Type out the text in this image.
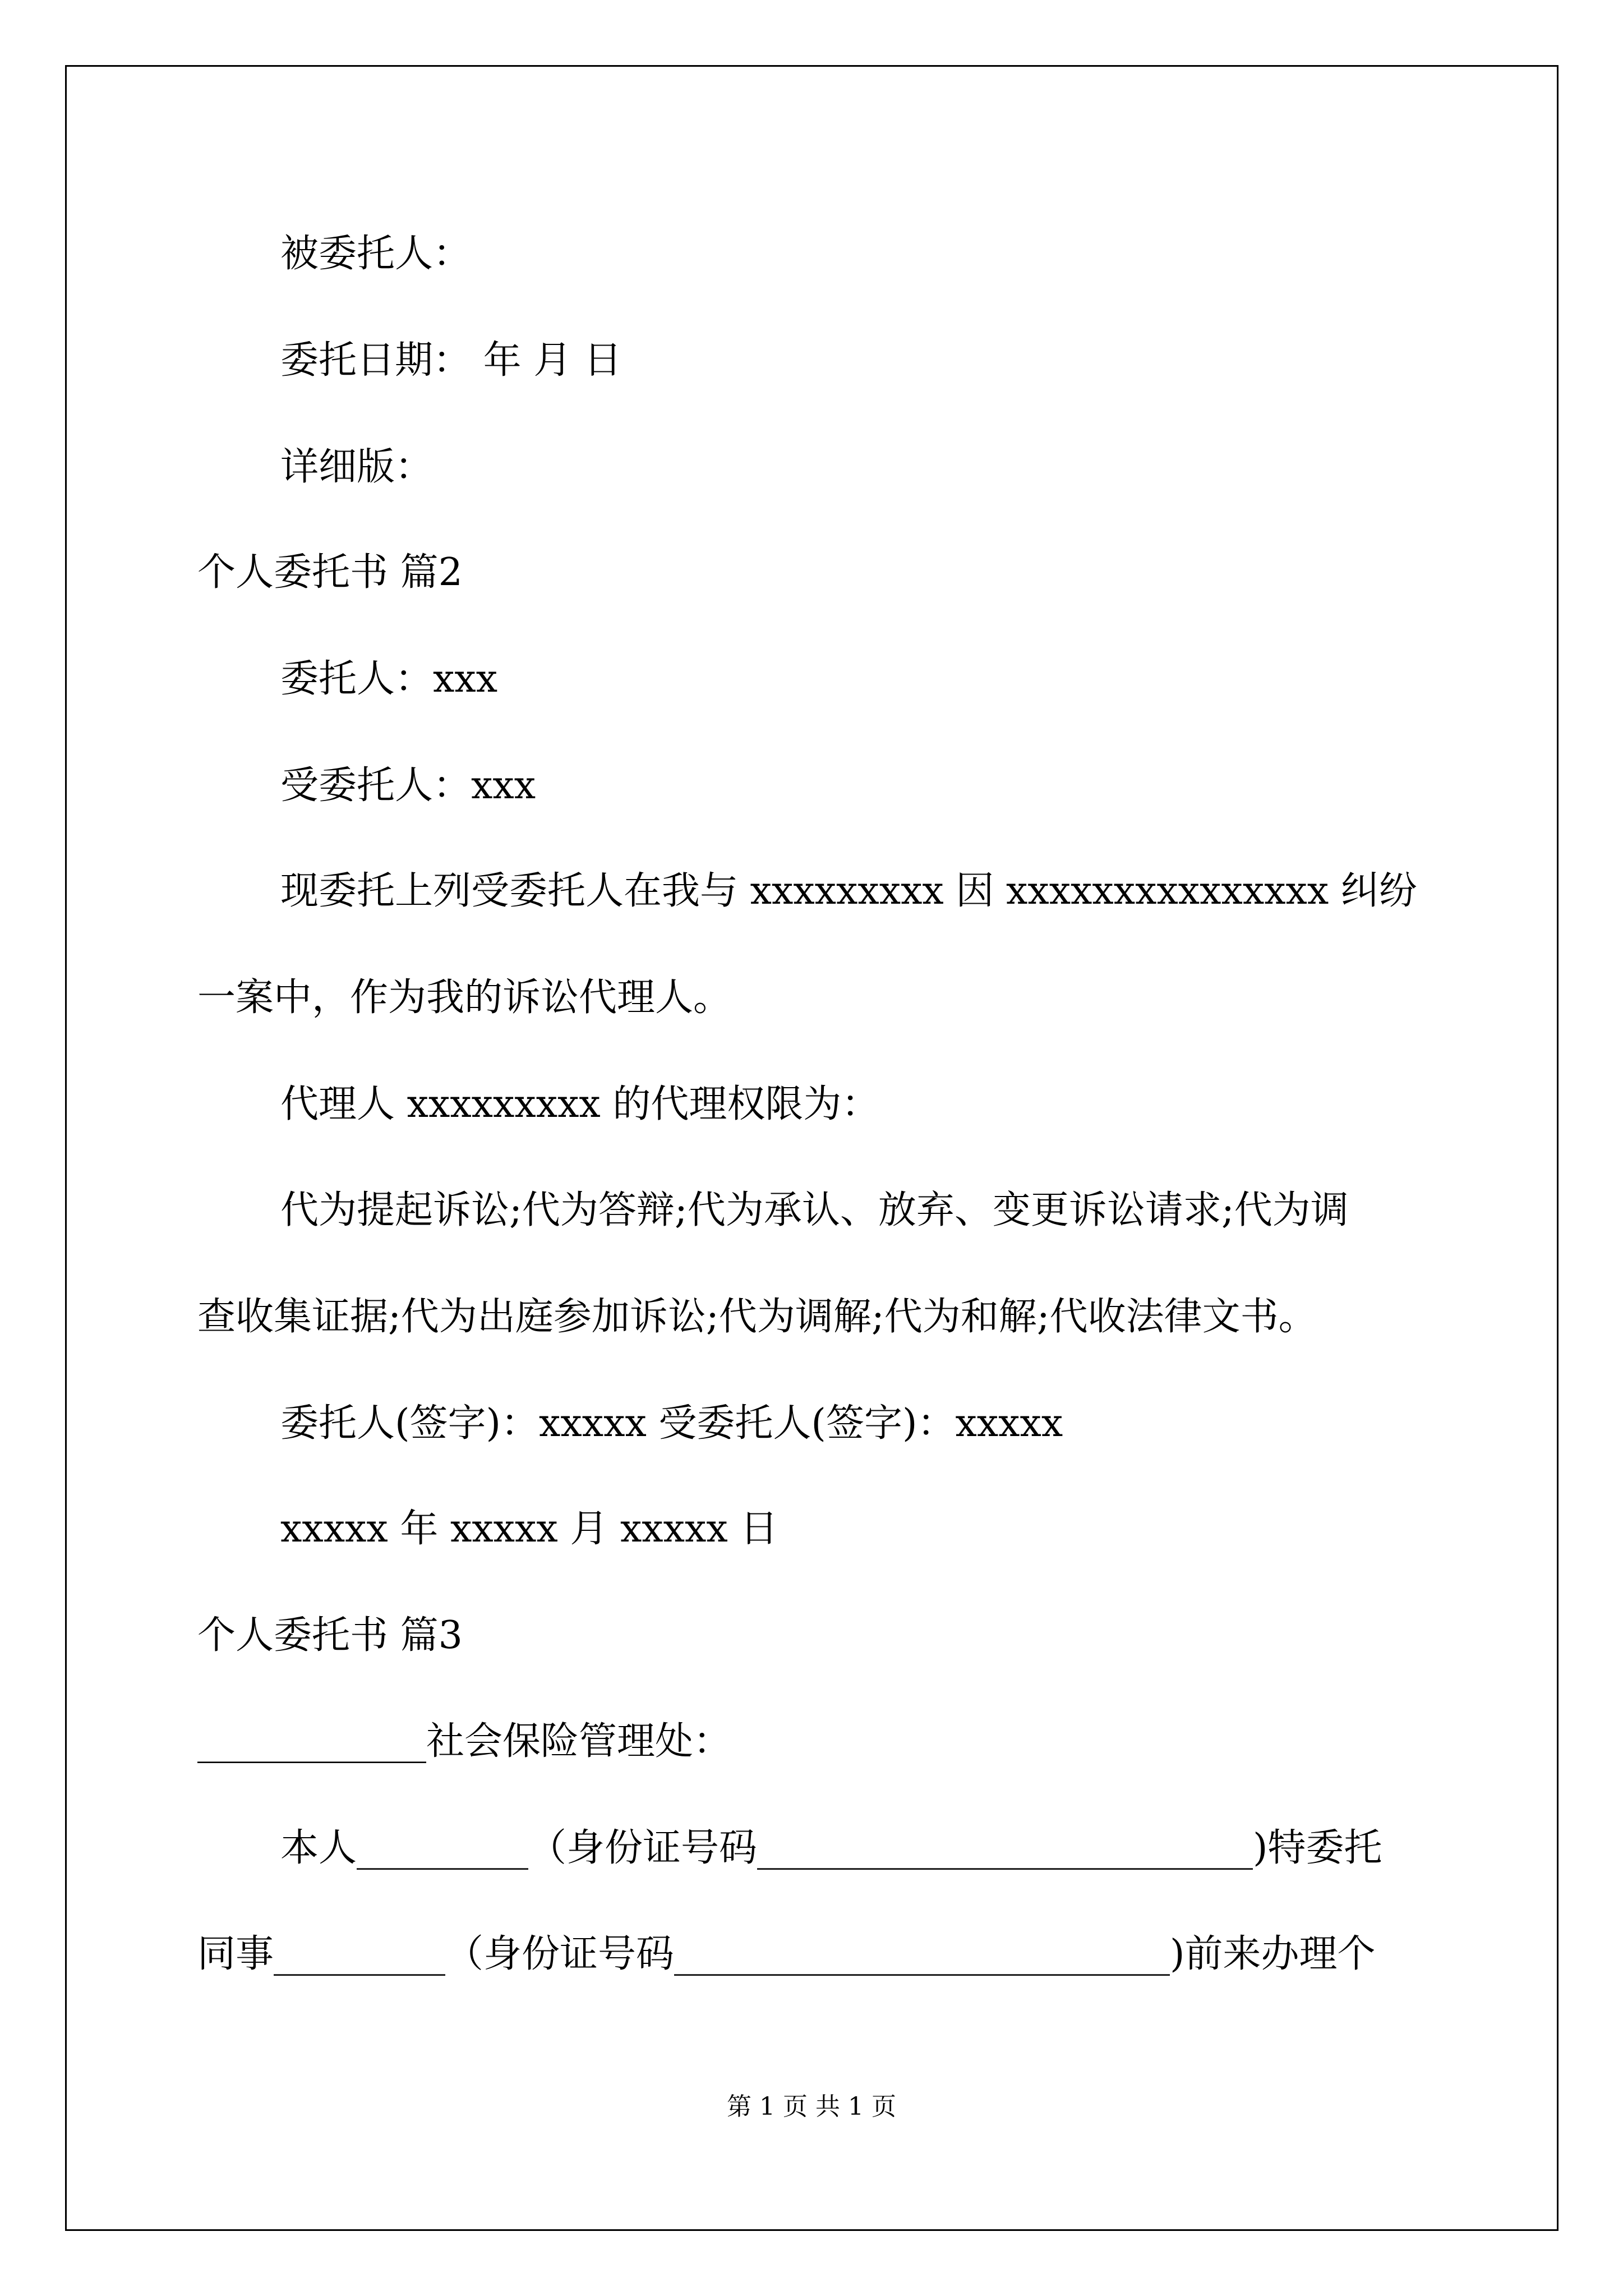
被委托人：
委托日期： 年 月 日
详细版：
个人委托书 篇2
委托人：xxx
受委托人：xxx
现委托上列受委托人在我与 xxxxxxxxx 因 xxxxxxxxxxxxxxx 纠纷
一案中，作为我的诉讼代理人。
代理人 xxxxxxxxx 的代理权限为：
代为提起诉讼;代为答辩;代为承认、放弃、变更诉讼请求;代为调
查收集证据;代为出庭参加诉讼;代为调解;代为和解;代收法律文书。
委托人(签字)：xxxxx 受委托人(签字)：xxxxx
xxxxx 年 xxxxx 月 xxxxx 日
个人委托书 篇3
____________社会保险管理处：
本人_________（身份证号码__________________________)特委托
同事_________（身份证号码__________________________)前来办理个
第 1 页 共 1 页
